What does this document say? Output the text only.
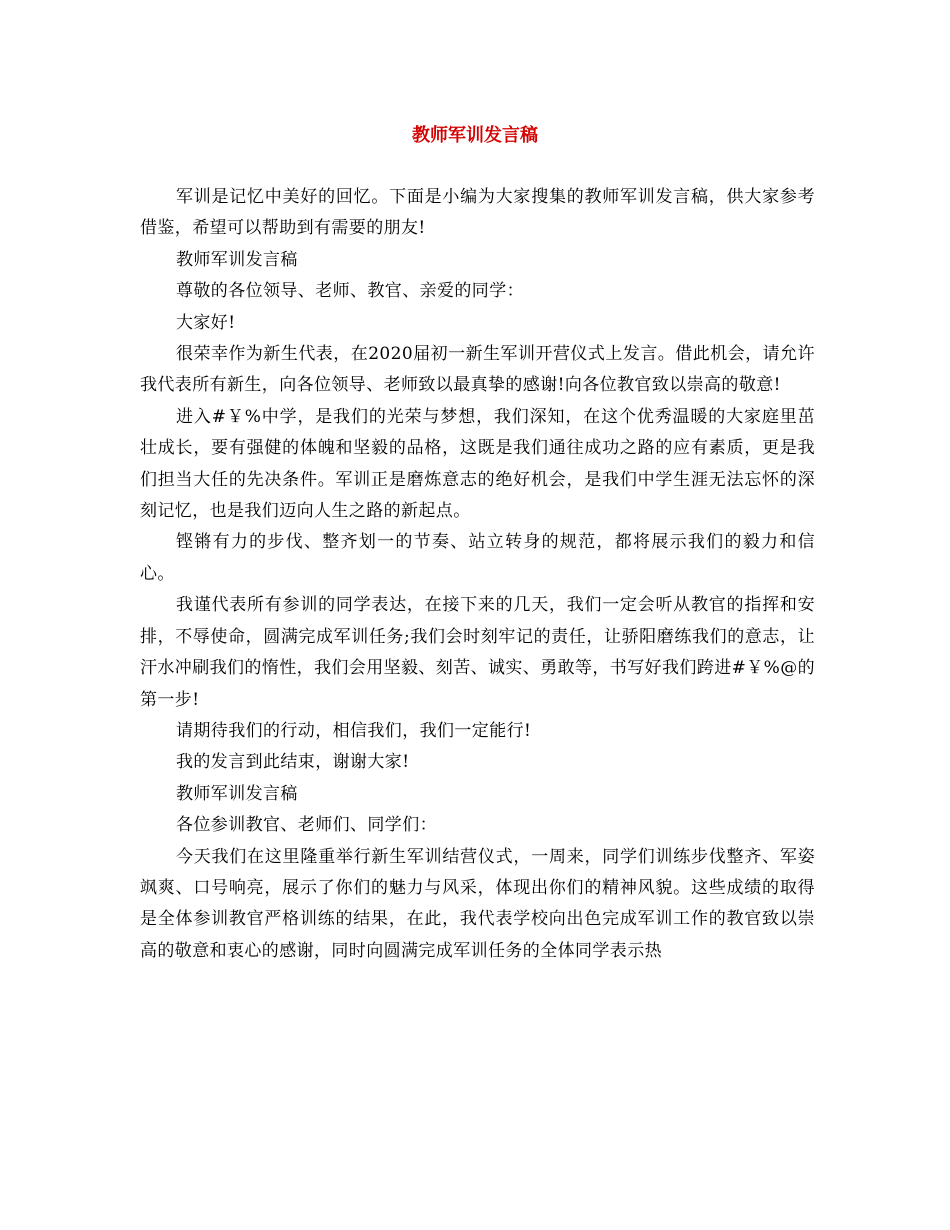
教师军训发言稿

军训是记忆中美好的回忆。下面是小编为大家搜集的教师军训发言稿，供大家参考借鉴，希望可以帮助到有需要的朋友!

教师军训发言稿

尊敬的各位领导、老师、教官、亲爱的同学：

大家好!

很荣幸作为新生代表，在2020届初一新生军训开营仪式上发言。借此机会，请允许我代表所有新生，向各位领导、老师致以最真挚的感谢!向各位教官致以崇高的敬意!

进入#￥%中学，是我们的光荣与梦想，我们深知，在这个优秀温暖的大家庭里茁壮成长，要有强健的体魄和坚毅的品格，这既是我们通往成功之路的应有素质，更是我们担当大任的先决条件。军训正是磨炼意志的绝好机会，是我们中学生涯无法忘怀的深刻记忆，也是我们迈向人生之路的新起点。

铿锵有力的步伐、整齐划一的节奏、站立转身的规范，都将展示我们的毅力和信心。

我谨代表所有参训的同学表达，在接下来的几天，我们一定会听从教官的指挥和安排，不辱使命，圆满完成军训任务;我们会时刻牢记的责任，让骄阳磨练我们的意志，让汗水冲刷我们的惰性，我们会用坚毅、刻苦、诚实、勇敢等，书写好我们跨进#￥%@的第一步!

请期待我们的行动，相信我们，我们一定能行!

我的发言到此结束，谢谢大家!

教师军训发言稿

各位参训教官、老师们、同学们：

今天我们在这里隆重举行新生军训结营仪式，一周来，同学们训练步伐整齐、军姿飒爽、口号响亮，展示了你们的魅力与风采，体现出你们的精神风貌。这些成绩的取得是全体参训教官严格训练的结果，在此，我代表学校向出色完成军训工作的教官致以崇高的敬意和衷心的感谢，同时向圆满完成军训任务的全体同学表示热
